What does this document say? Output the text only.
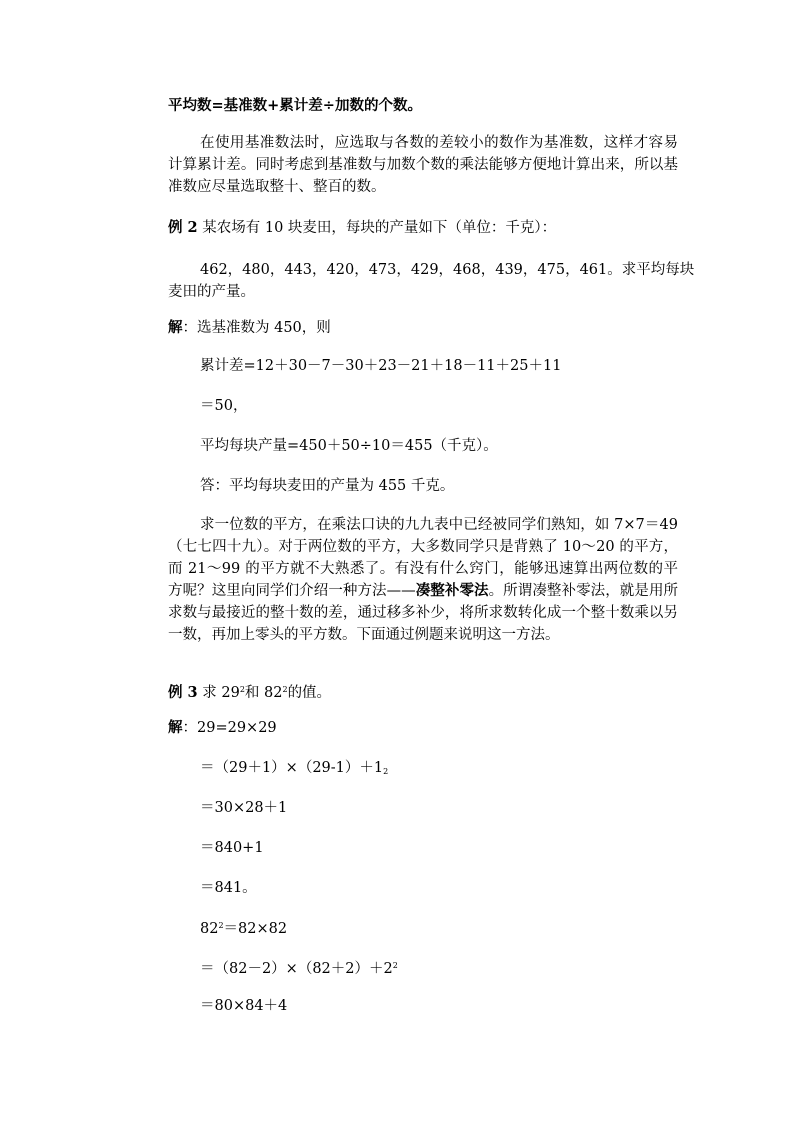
平均数=基准数+累计差÷加数的个数。
在使用基准数法时，应选取与各数的差较小的数作为基准数，这样才容易计算累计差。同时考虑到基准数与加数个数的乘法能够方便地计算出来，所以基准数应尽量选取整十、整百的数。
例 2 某农场有 10 块麦田，每块的产量如下（单位：千克）：
462，480，443，420，473，429，468，439，475，461。求平均每块
麦田的产量。
解：选基准数为 450，则
累计差=12＋30－7－30＋23－21＋18－11＋25＋11
＝50，
平均每块产量=450＋50÷10＝455（千克）。
答：平均每块麦田的产量为 455 千克。
求一位数的平方，在乘法口诀的九九表中已经被同学们熟知，如 7×7＝49（七七四十九）。对于两位数的平方，大多数同学只是背熟了 10～20 的平方，而 21～99 的平方就不大熟悉了。有没有什么窍门，能够迅速算出两位数的平方呢？这里向同学们介绍一种方法——凑整补零法。所谓凑整补零法，就是用所求数与最接近的整十数的差，通过移多补少，将所求数转化成一个整十数乘以另一数，再加上零头的平方数。下面通过例题来说明这一方法。
例 3 求 $29^2$和 $82^2$的值。
解：29=29×29
$=(29+1)\times(29-1)+1_2$
＝30×28＋1
＝840+1
＝841。
$82^2=82\times 82$
$=(82-2)\times(82+2)+2^2$
＝80×84＋4
